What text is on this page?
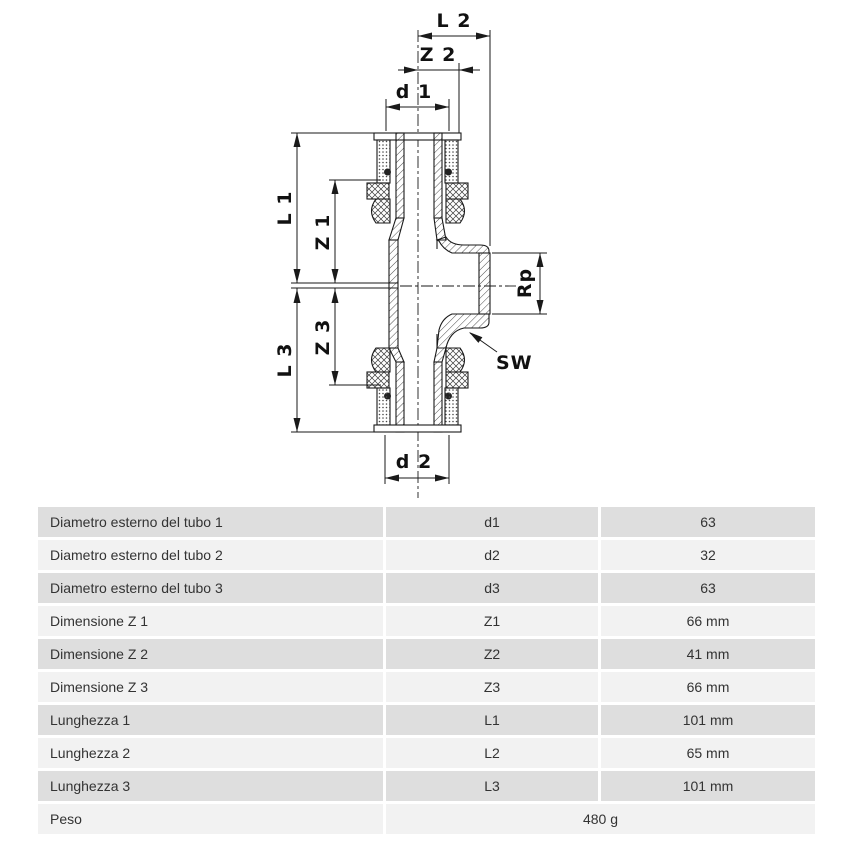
L 2
Z 2
d 1
d 2
L 1
Z 1
Z 3
L 3
Rp
SW
Diametro esterno del tubo 1	d1	63
Diametro esterno del tubo 2	d2	32
Diametro esterno del tubo 3	d3	63
Dimensione Z 1	Z1	66 mm
Dimensione Z 2	Z2	41 mm
Dimensione Z 3	Z3	66 mm
Lunghezza 1	L1	101 mm
Lunghezza 2	L2	65 mm
Lunghezza 3	L3	101 mm
Peso	480 g	
